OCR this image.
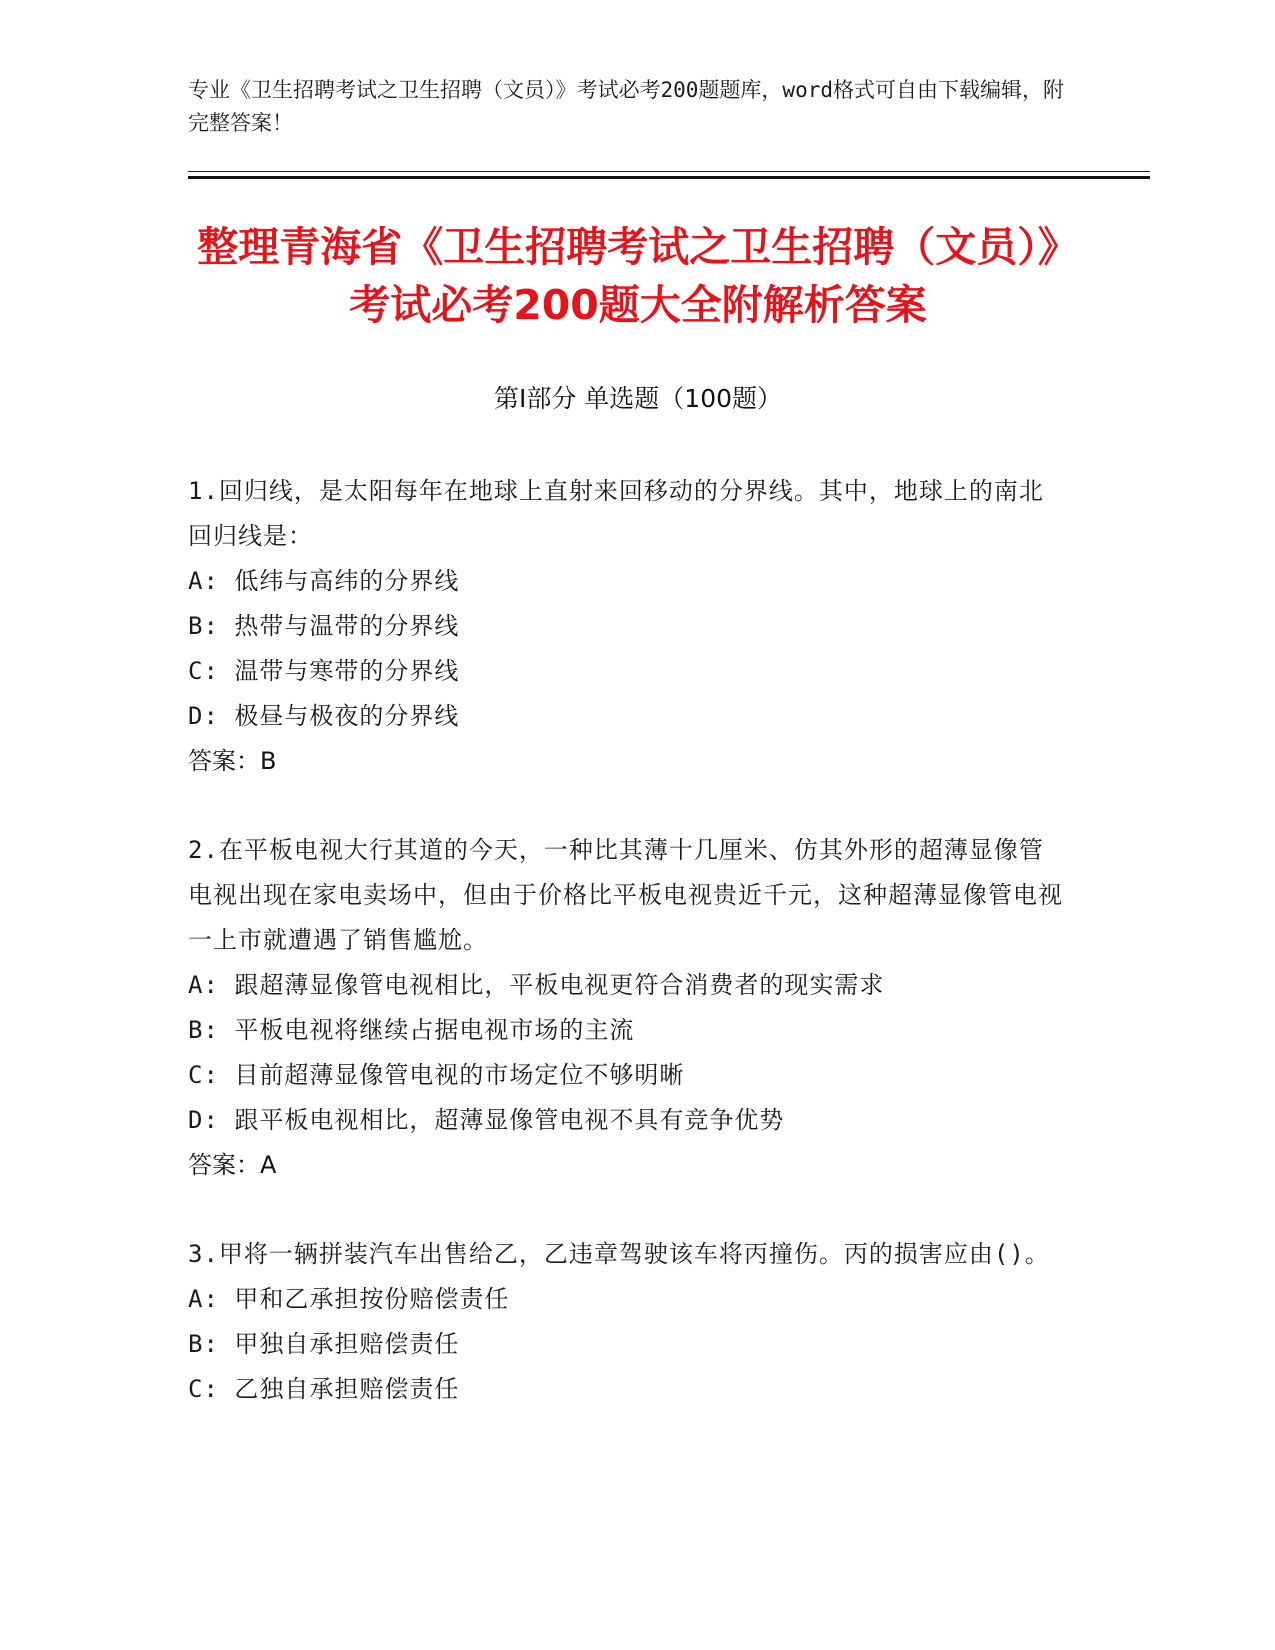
专业《卫生招聘考试之卫生招聘（文员）》考试必考200题题库，word格式可自由下载编辑，附完整答案！
整理青海省《卫生招聘考试之卫生招聘（文员）》考试必考200题大全附解析答案
第Ⅰ部分 单选题（100题）
1.回归线，是太阳每年在地球上直射来回移动的分界线。其中，地球上的南北回归线是：
A: 低纬与高纬的分界线
B: 热带与温带的分界线
C: 温带与寒带的分界线
D: 极昼与极夜的分界线
答案：B
2.在平板电视大行其道的今天，一种比其薄十几厘米、仿其外形的超薄显像管电视出现在家电卖场中，但由于价格比平板电视贵近千元，这种超薄显像管电视一上市就遭遇了销售尴尬。
A: 跟超薄显像管电视相比，平板电视更符合消费者的现实需求
B: 平板电视将继续占据电视市场的主流
C: 目前超薄显像管电视的市场定位不够明晰
D: 跟平板电视相比，超薄显像管电视不具有竞争优势
答案：A
3.甲将一辆拼装汽车出售给乙，乙违章驾驶该车将丙撞伤。丙的损害应由()。
A: 甲和乙承担按份赔偿责任
B: 甲独自承担赔偿责任
C: 乙独自承担赔偿责任
